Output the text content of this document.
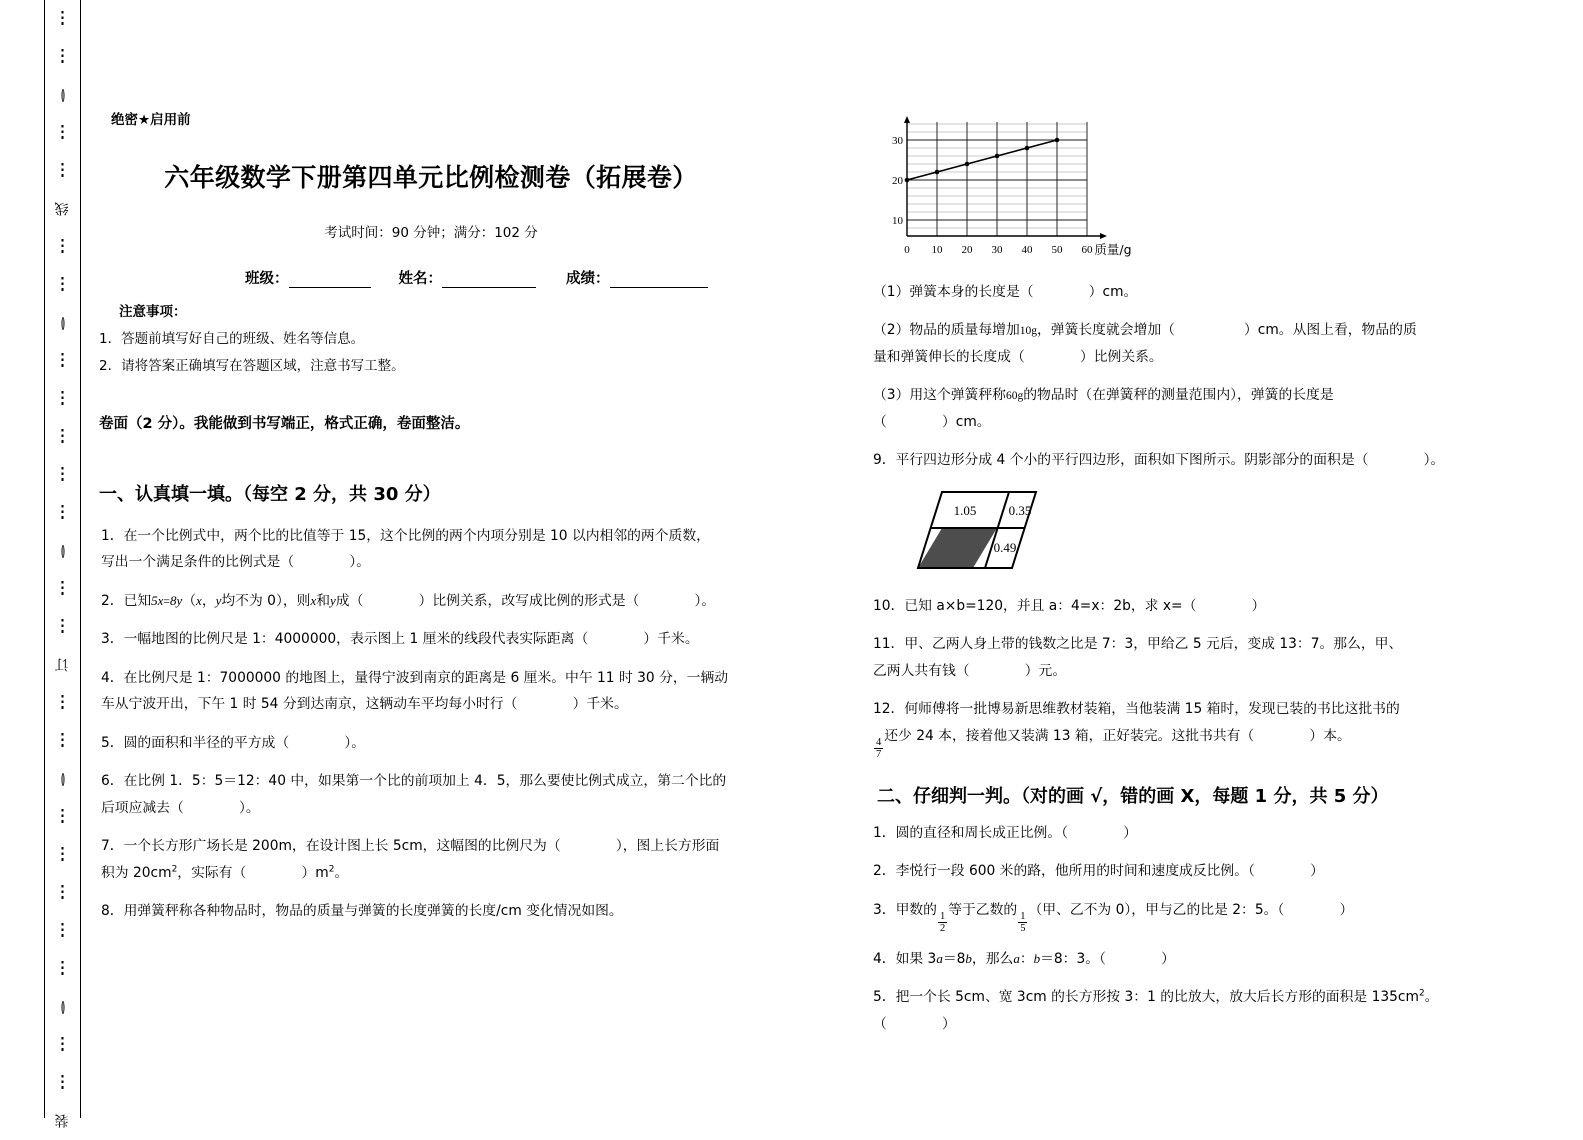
线
订
装
绝密★启用前
六年级数学下册第四单元比例检测卷（拓展卷）
考试时间：90 分钟；满分：102 分
班级：	姓名：	成绩：
注意事项：
1．答题前填写好自己的班级、姓名等信息。
2．请将答案正确填写在答题区域，注意书写工整。
卷面（2 分）。我能做到书写端正，格式正确，卷面整洁。
一、认真填一填。（每空 2 分，共 30 分）
1．在一个比例式中，两个比的比值等于 15，这个比例的两个内项分别是 10 以内相邻的两个质数，
写出一个满足条件的比例式是（　　　　）。
2．已知5x=8y（x，y均不为 0），则x和y成（　　　　）比例关系，改写成比例的形式是（　　　　）。
3．一幅地图的比例尺是 1：4000000，表示图上 1 厘米的线段代表实际距离（　　　　）千米。
4．在比例尺是 1：7000000 的地图上，量得宁波到南京的距离是 6 厘米。中午 11 时 30 分，一辆动
车从宁波开出，下午 1 时 54 分到达南京，这辆动车平均每小时行（　　　　）千米。
5．圆的面积和半径的平方成（　　　　）。
6．在比例 1．5：5＝12：40 中，如果第一个比的前项加上 4．5，那么要使比例式成立，第二个比的
后项应减去（　　　　）。
7．一个长方形广场长是 200m，在设计图上长 5cm，这幅图的比例尺为（　　　　），图上长方形面
积为 $20cm^2$，实际有（　　　　）$m^2$。
8．用弹簧秤称各种物品时，物品的质量与弹簧的长度弹簧的长度/cm 变化情况如图。
30
20
10
0 10 20 30 40 50 60 质量/g
（1）弹簧本身的长度是（　　　　）cm。
（2）物品的质量每增加10g，弹簧长度就会增加（　　　　　）cm。从图上看，物品的质
量和弹簧伸长的长度成（　　　　）比例关系。
（3）用这个弹簧秤称60g的物品时（在弹簧秤的测量范围内），弹簧的长度是
（　　　　）cm。
9．平行四边形分成 4 个小的平行四边形，面积如下图所示。阴影部分的面积是（　　　　）。
1.05 0.35
0.49
10．已知 a×b=120，并且 a：4=x：2b，求 x=（　　　　）
11．甲、乙两人身上带的钱数之比是 7：3，甲给乙 5 元后，变成 13：7。那么，甲、
乙两人共有钱（　　　　）元。
12．何师傅将一批博易新思维教材装箱，当他装满 15 箱时，发现已装的书比这批书的

$\frac{4}{7}$
还少 24 本，接着他又装满 13 箱，正好装完。这批书共有（　　　　）本。
二、仔细判一判。（对的画 √，错的画 X，每题 1 分，共 5 分）
1．圆的直径和周长成正比例。（　　　　）
2．李悦行一段 600 米的路，他所用的时间和速度成反比例。（　　　　）
3．甲数的
$\frac{1}{2}$
等于乙数的
$\frac{1}{5}$
（甲、乙不为 0），甲与乙的比是 2：5。（　　　　）
4．如果 3a＝8b，那么a：b＝8：3。（　　　　）
5．把一个长 5cm、宽 3cm 的长方形按 3：1 的比放大，放大后长方形的面积是 $135cm^2$。
（　　　　）
